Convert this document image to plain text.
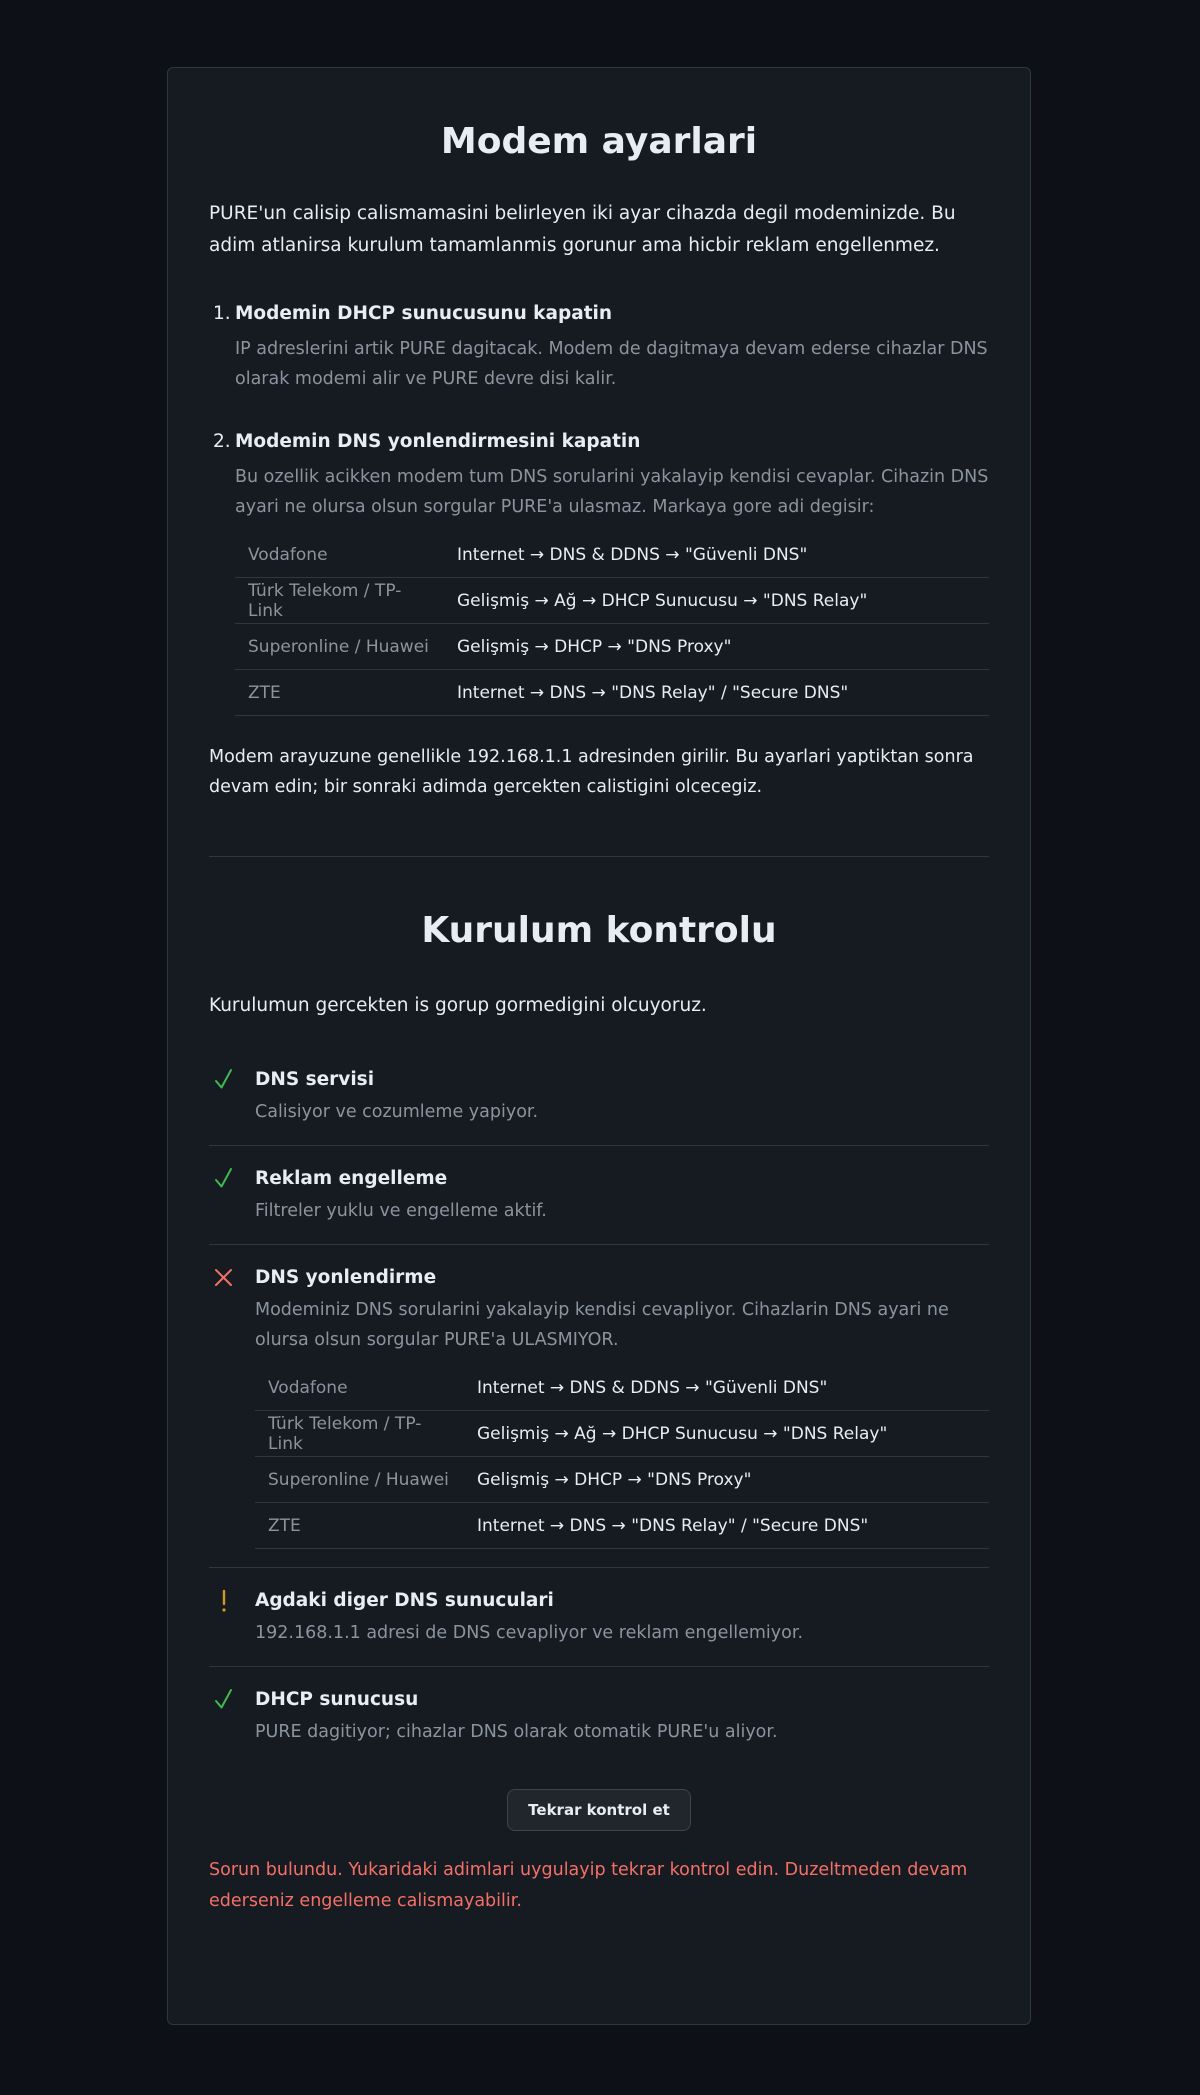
Modem ayarlari

PURE'un calisip calismamasini belirleyen iki ayar cihazda degil modeminizde. Bu adim atlanirsa kurulum tamamlanmis gorunur ama hicbir reklam engellenmez.

1. Modemin DHCP sunucusunu kapatin
IP adreslerini artik PURE dagitacak. Modem de dagitmaya devam ederse cihazlar DNS olarak modemi alir ve PURE devre disi kalir.
2. Modemin DNS yonlendirmesini kapatin
Bu ozellik acikken modem tum DNS sorularini yakalayip kendisi cevaplar. Cihazin DNS ayari ne olursa olsun sorgular PURE'a ulasmaz. Markaya gore adi degisir:
Vodafone	Internet → DNS & DDNS → "Güvenli DNS"
Türk Telekom / TP-Link	Gelişmiş → Ağ → DHCP Sunucusu → "DNS Relay"
Superonline / Huawei	Gelişmiş → DHCP → "DNS Proxy"
ZTE	Internet → DNS → "DNS Relay" / "Secure DNS"

Modem arayuzune genellikle 192.168.1.1 adresinden girilir. Bu ayarlari yaptiktan sonra devam edin; bir sonraki adimda gercekten calistigini olcecegiz.

Kurulum kontrolu

Kurulumun gercekten is gorup gormedigini olcuyoruz.

DNS servisi
Calisiyor ve cozumleme yapiyor.
Reklam engelleme
Filtreler yuklu ve engelleme aktif.
DNS yonlendirme
Modeminiz DNS sorularini yakalayip kendisi cevapliyor. Cihazlarin DNS ayari ne olursa olsun sorgular PURE'a ULASMIYOR.
Vodafone	Internet → DNS & DDNS → "Güvenli DNS"
Türk Telekom / TP-Link	Gelişmiş → Ağ → DHCP Sunucusu → "DNS Relay"
Superonline / Huawei	Gelişmiş → DHCP → "DNS Proxy"
ZTE	Internet → DNS → "DNS Relay" / "Secure DNS"
Agdaki diger DNS sunuculari
192.168.1.1 adresi de DNS cevapliyor ve reklam engellemiyor.
DHCP sunucusu
PURE dagitiyor; cihazlar DNS olarak otomatik PURE'u aliyor.
Tekrar kontrol et

Sorun bulundu. Yukaridaki adimlari uygulayip tekrar kontrol edin. Duzeltmeden devam ederseniz engelleme calismayabilir.
